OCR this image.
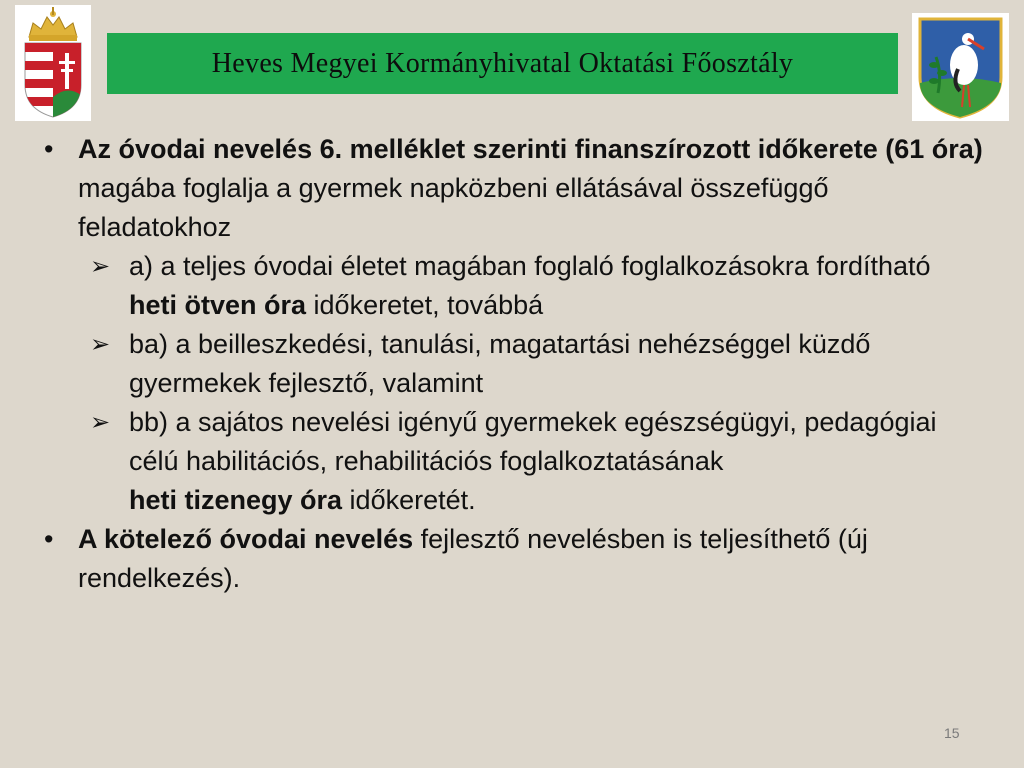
Heves Megyei Kormányhivatal Oktatási Főosztály
• Az óvodai nevelés 6. melléklet szerinti finanszírozott időkerete (61 óra) magába foglalja a gyermek napközbeni ellátásával összefüggő feladatokhoz
➢ a) a teljes óvodai életet magában foglaló foglalkozásokra fordítható heti ötven óra időkeretet, továbbá
➢ ba) a beilleszkedési, tanulási, magatartási nehézséggel küzdő gyermekek fejlesztő, valamint
➢ bb) a sajátos nevelési igényű gyermekek egészségügyi, pedagógiai célú habilitációs, rehabilitációs foglalkoztatásának
heti tizenegy óra időkeretét.
• A kötelező óvodai nevelés fejlesztő nevelésben is teljesíthető (új rendelkezés).
15
